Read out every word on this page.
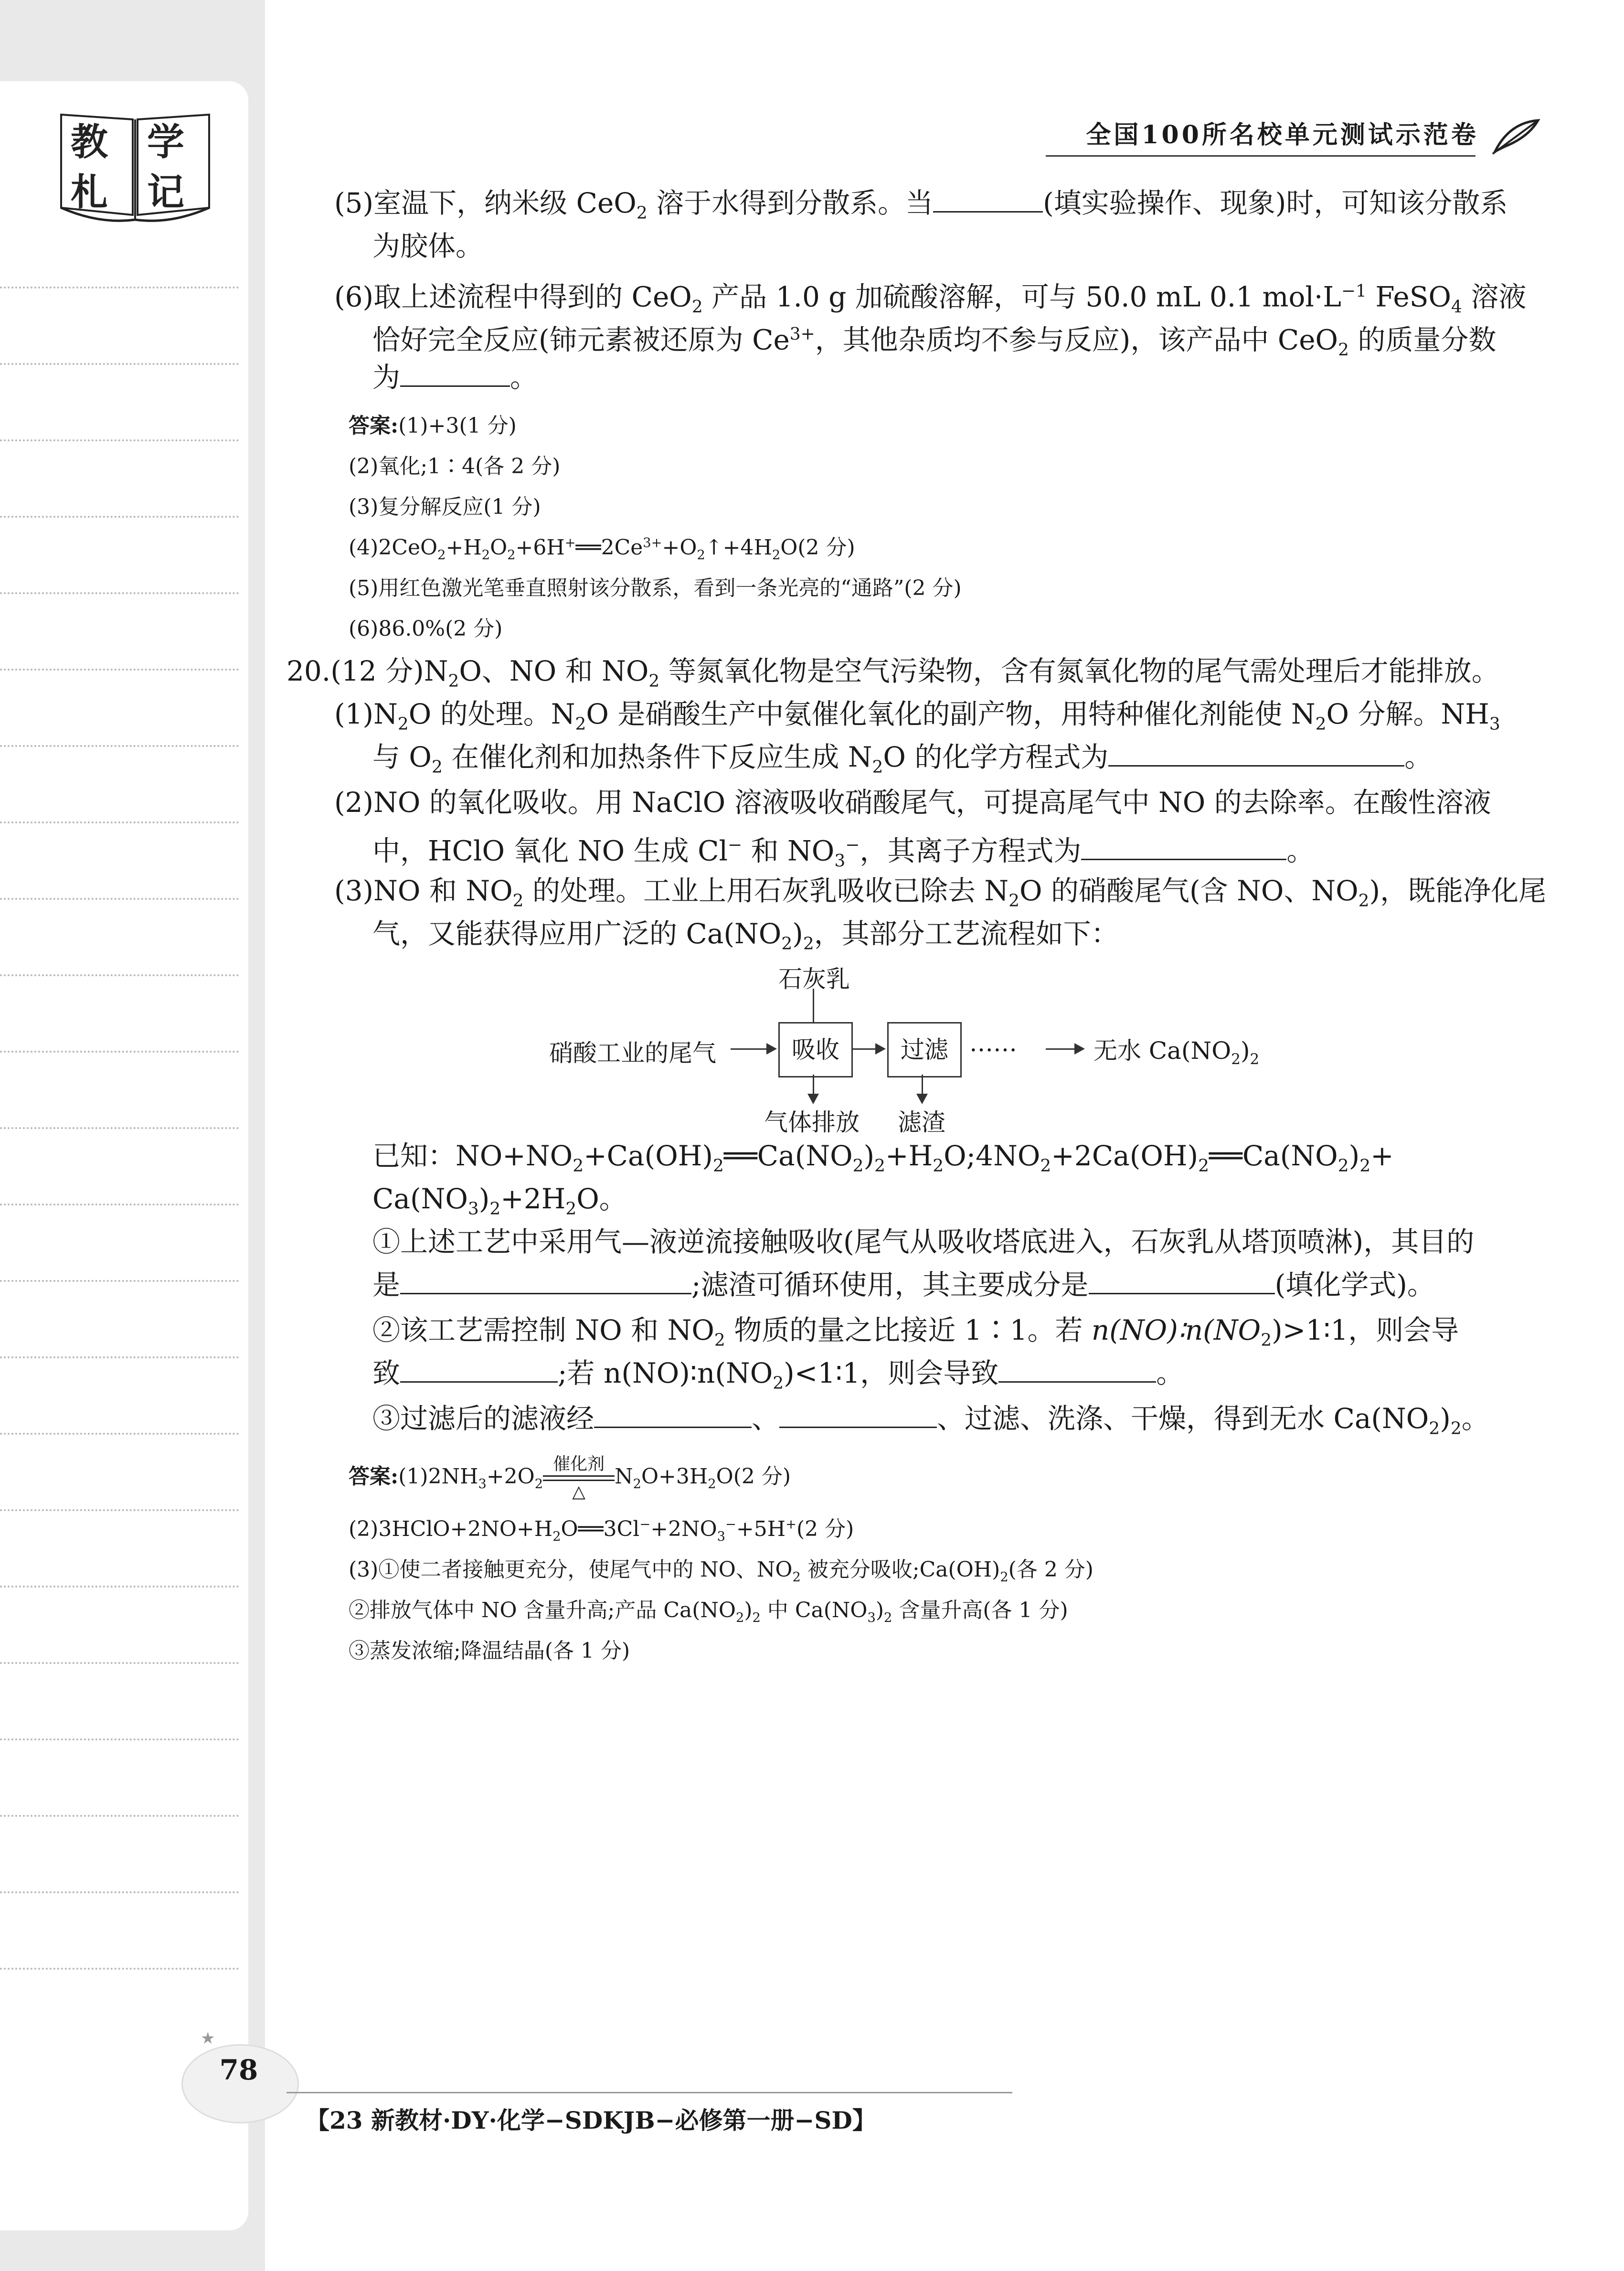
教 学
札 记
全国100所名校单元测试示范卷
(5)室温下，纳米级 CeO$_2$ 溶于水得到分散系。当	(填实验操作、现象)时，可知该分散系
为胶体。
(6)取上述流程中得到的 CeO$_2$ 产品 1.0 g 加硫酸溶解，可与 50.0 mL 0.1 $mol\cdot L^{-1}$ FeSO$_4$ 溶液
恰好完全反应(铈元素被还原为 $Ce^{3+}$，其他杂质均不参与反应)，该产品中 CeO$_2$ 的质量分数
为	。
答案:(1)+3(1 分)
(2)氧化;1∶4(各 2 分)
(3)复分解反应(1 分)
$(4)2CeO_2+H_2O_2+6H^+══2Ce^{3+}+O_2↑+4H_2O(2$ 分)
(5)用红色激光笔垂直照射该分散系，看到一条光亮的“通路”(2 分)
(6)86.0%(2 分)
20.(12 分)$N_2O$、NO 和 $NO_2$ 等氮氧化物是空气污染物，含有氮氧化物的尾气需处理后才能排放。
$(1)N_2O$ 的处理。$N_2O$ 是硝酸生产中氨催化氧化的副产物，用特种催化剂能使 $N_2O$ 分解。$NH_3$
与 $O_2$ 在催化剂和加热条件下反应生成 $N_2O$ 的化学方程式为	。
(2)NO 的氧化吸收。用 NaClO 溶液吸收硝酸尾气，可提高尾气中 NO 的去除率。在酸性溶液
中，HClO 氧化 NO 生成 Cl− 和 $NO_3^-$，其离子方程式为	。
(3)NO 和 $NO_2$ 的处理。工业上用石灰乳吸收已除去 $N_2O$ 的硝酸尾气(含 NO、$NO_2$)，既能净化尾
气，又能获得应用广泛的 $Ca(NO_2)_2$，其部分工艺流程如下：
石灰乳
硝酸工业的尾气	吸收	过滤 ……	无水 $Ca(NO_2)_2$
气体排放 滤渣
已知：$NO+NO_2+Ca(OH)_2══Ca(NO_2)_2+H_2O;4NO_2+2Ca(OH)_2══Ca(NO_2)_2+$
$Ca(NO_3)_2+2H_2O$。
①上述工艺中采用气—液逆流接触吸收(尾气从吸收塔底进入，石灰乳从塔顶喷淋)，其目的
是	;滤渣可循环使用，其主要成分是	(填化学式)。
②该工艺需控制 NO 和 $NO_2$ 物质的量之比接近 1∶1。若 $n(NO)∶n(NO_2)>1∶1$，则会导
致	;若 $n(NO)∶n(NO_2)<1∶1$，则会导致	。
③过滤后的滤液经	、	、过滤、洗涤、干燥，得到无水 $Ca(NO_2)_2$。
答案$:(1)2NH_3+2O_2$
催化剂
△
$N_2O+3H_2O(2$ 分)
$(2)3HClO+2NO+H_2O══3Cl^-+2NO_3^-+5H^+(2$ 分)
(3)①使二者接触更充分，使尾气中的 NO、$NO_2$ 被充分吸收$;Ca(OH)_2$(各 2 分)
②排放气体中 NO 含量升高;产品 $Ca(NO_2)_2$ 中 $Ca(NO_3)_2$ 含量升高(各 1 分)
③蒸发浓缩;降温结晶(各 1 分)
★
78
【23 新教材·DY·化学−SDKJB−必修第一册−SD】
